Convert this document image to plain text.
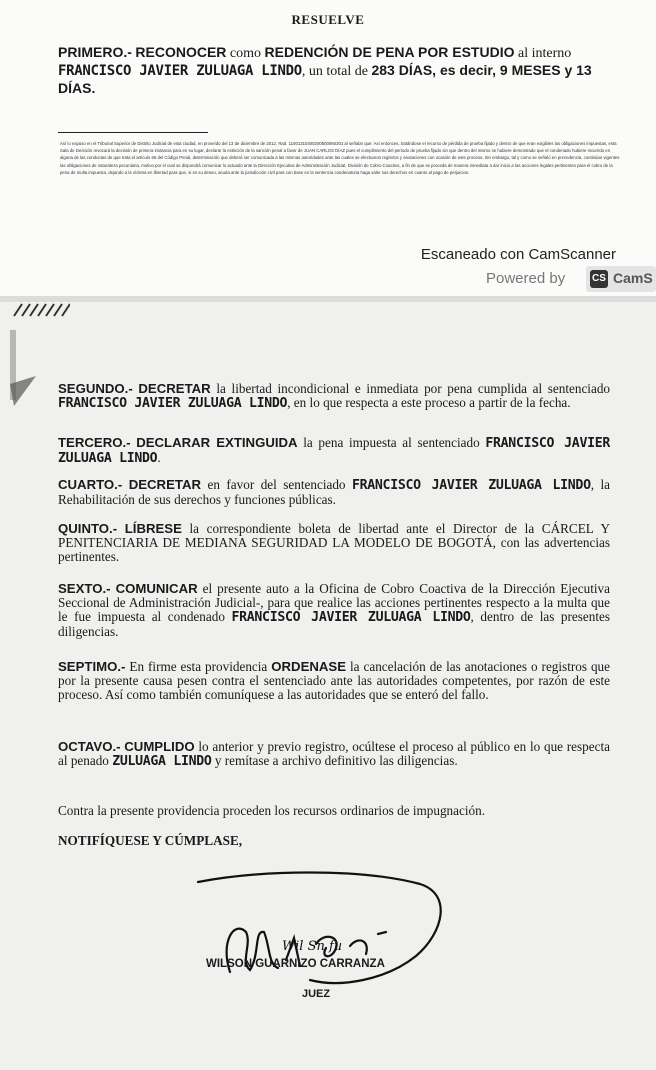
RESUELVE
PRIMERO.- RECONOCER como REDENCIÓN DE PENA POR ESTUDIO al interno FRANCISCO JAVIER ZULUAGA LINDO, un total de 283 DÍAS, es decir, 9 MESES y 13 DÍAS.
Así lo expuso en el Tribunal Superior de Distrito Judicial de esta ciudad, en proveído del 13 de diciembre de 2012, Rad. 11001310400200500066301 al señalar que: Así entonces, tratándose el recurso de pérdida de prueba fijado y dentro de que eran exigibles las obligaciones impuestas, esta Sala de Decisión revocará la decisión de primera instancia para en su lugar, declarar la extinción de la sanción penal a favor de JUAN CARLOS DÍAZ pues el cumplimiento del período de prueba fijado sin que dentro del mismo se hubiere demostrado que el condenado hubiere incurrido en alguna de las conductas de que trata el artículo 65 del Código Penal, determinación que deberá ser comunicada a las mismas autoridades ante las cuales se efectuaron registros y anotaciones con ocasión de este proceso. Sin embargo, tal y como se señaló en precedencia, continúan vigentes las obligaciones de naturaleza pecuniaria, motivo por el cual se dispondrá comunicar lo actuado ante la Dirección Ejecutiva de Administración Judicial, División de Cobro Coactivo, a fin de que se proceda de manera inmediata a dar inicio a las acciones legales pertinentes para el cobro de la pena de multa impuesta, dejando a la víctima en libertad para que, si es su deseo, acuda ante la jurisdicción civil para con base en la sentencia condenatoria haga valer sus derechos en cuanto al pago de perjuicios.
Escaneado con CamScanner
Powered by	CS CamS
SEGUNDO.- DECRETAR la libertad incondicional e inmediata por pena cumplida al sentenciado FRANCISCO JAVIER ZULUAGA LINDO, en lo que respecta a este proceso a partir de la fecha.
TERCERO.- DECLARAR EXTINGUIDA la pena impuesta al sentenciado FRANCISCO JAVIER ZULUAGA LINDO.
CUARTO.- DECRETAR en favor del sentenciado FRANCISCO JAVIER ZULUAGA LINDO, la Rehabilitación de sus derechos y funciones públicas.
QUINTO.- LÍBRESE la correspondiente boleta de libertad ante el Director de la CÁRCEL Y PENITENCIARIA DE MEDIANA SEGURIDAD LA MODELO DE BOGOTÁ, con las advertencias pertinentes.
SEXTO.- COMUNICAR el presente auto a la Oficina de Cobro Coactiva de la Dirección Ejecutiva Seccional de Administración Judicial-, para que realice las acciones pertinentes respecto a la multa que le fue impuesta al condenado FRANCISCO JAVIER ZULUAGA LINDO, dentro de las presentes diligencias.
SEPTIMO.- En firme esta providencia ORDENASE la cancelación de las anotaciones o registros que por la presente causa pesen contra el sentenciado ante las autoridades competentes, por razón de este proceso. Así como también comuníquese a las autoridades que se enteró del fallo.
OCTAVO.- CUMPLIDO lo anterior y previo registro, ocúltese el proceso al público en lo que respecta al penado ZULUAGA LINDO y remítase a archivo definitivo las diligencias.
Contra la presente providencia proceden los recursos ordinarios de impugnación.
NOTIFÍQUESE Y CÚMPLASE,
Wil Sn fu
WILSON GUARNIZO CARRANZA
JUEZ
